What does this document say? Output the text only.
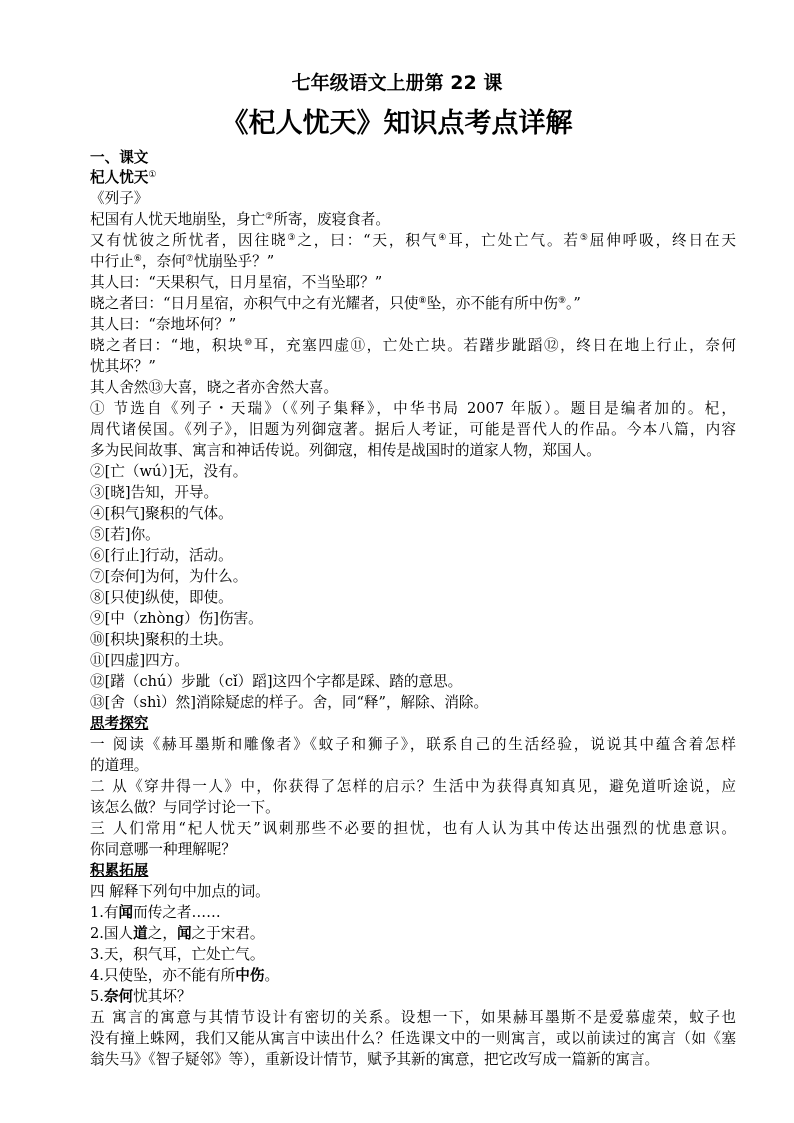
七年级语文上册第 22 课
《杞人忧天》知识点考点详解

一、课文

杞人忧天①

《列子》

杞国有人忧天地崩坠，身亡②所寄，废寝食者。

又有忧彼之所忧者，因往晓③之，曰：“天，积气④耳，亡处亡气。若⑤屈伸呼吸，终日在天

中行止⑥，奈何⑦忧崩坠乎？”

其人曰：“天果积气，日月星宿，不当坠耶？”

晓之者曰：“日月星宿，亦积气中之有光耀者，只使⑧坠，亦不能有所中伤⑨。”

其人曰：“奈地坏何？”

晓之者曰：“地，积块⑩耳，充塞四虚⑪，亡处亡块。若躇步跐蹈⑫，终日在地上行止，奈何

忧其坏？”

其人舍然⑬大喜，晓之者亦舍然大喜。

① 节选自《列子・天瑞》（《列子集释》，中华书局 2007 年版）。题目是编者加的。杞，

周代诸侯国。《列子》，旧题为列御寇著。据后人考证，可能是晋代人的作品。今本八篇，内容

多为民间故事、寓言和神话传说。列御寇，相传是战国时的道家人物，郑国人。

②[亡（wú）]无，没有。

③[晓]告知，开导。

④[积气]聚积的气体。

⑤[若]你。

⑥[行止]行动，活动。

⑦[奈何]为何，为什么。

⑧[只使]纵使，即使。

⑨[中（zhòng）伤]伤害。

⑩[积块]聚积的土块。

⑪[四虚]四方。

⑫[躇（chú）步跐（cǐ）蹈]这四个字都是踩、踏的意思。

⑬[舍（shì）然]消除疑虑的样子。舍，同“释”，解除、消除。

思考探究

一 阅读《赫耳墨斯和雕像者》《蚊子和狮子》，联系自己的生活经验，说说其中蕴含着怎样

的道理。

二 从《穿井得一人》中，你获得了怎样的启示？生活中为获得真知真见，避免道听途说，应

该怎么做？与同学讨论一下。

三 人们常用“杞人忧天”讽刺那些不必要的担忧，也有人认为其中传达出强烈的忧患意识。

你同意哪一种理解呢？

积累拓展

四 解释下列句中加点的词。

1.有闻而传之者……

2.国人道之，闻之于宋君。

3.天，积气耳，亡处亡气。

4.只使坠，亦不能有所中伤。

5.奈何忧其坏？

五 寓言的寓意与其情节设计有密切的关系。设想一下，如果赫耳墨斯不是爱慕虚荣，蚊子也

没有撞上蛛网，我们又能从寓言中读出什么？任选课文中的一则寓言，或以前读过的寓言（如《塞

翁失马》《智子疑邻》等），重新设计情节，赋予其新的寓意，把它改写成一篇新的寓言。
